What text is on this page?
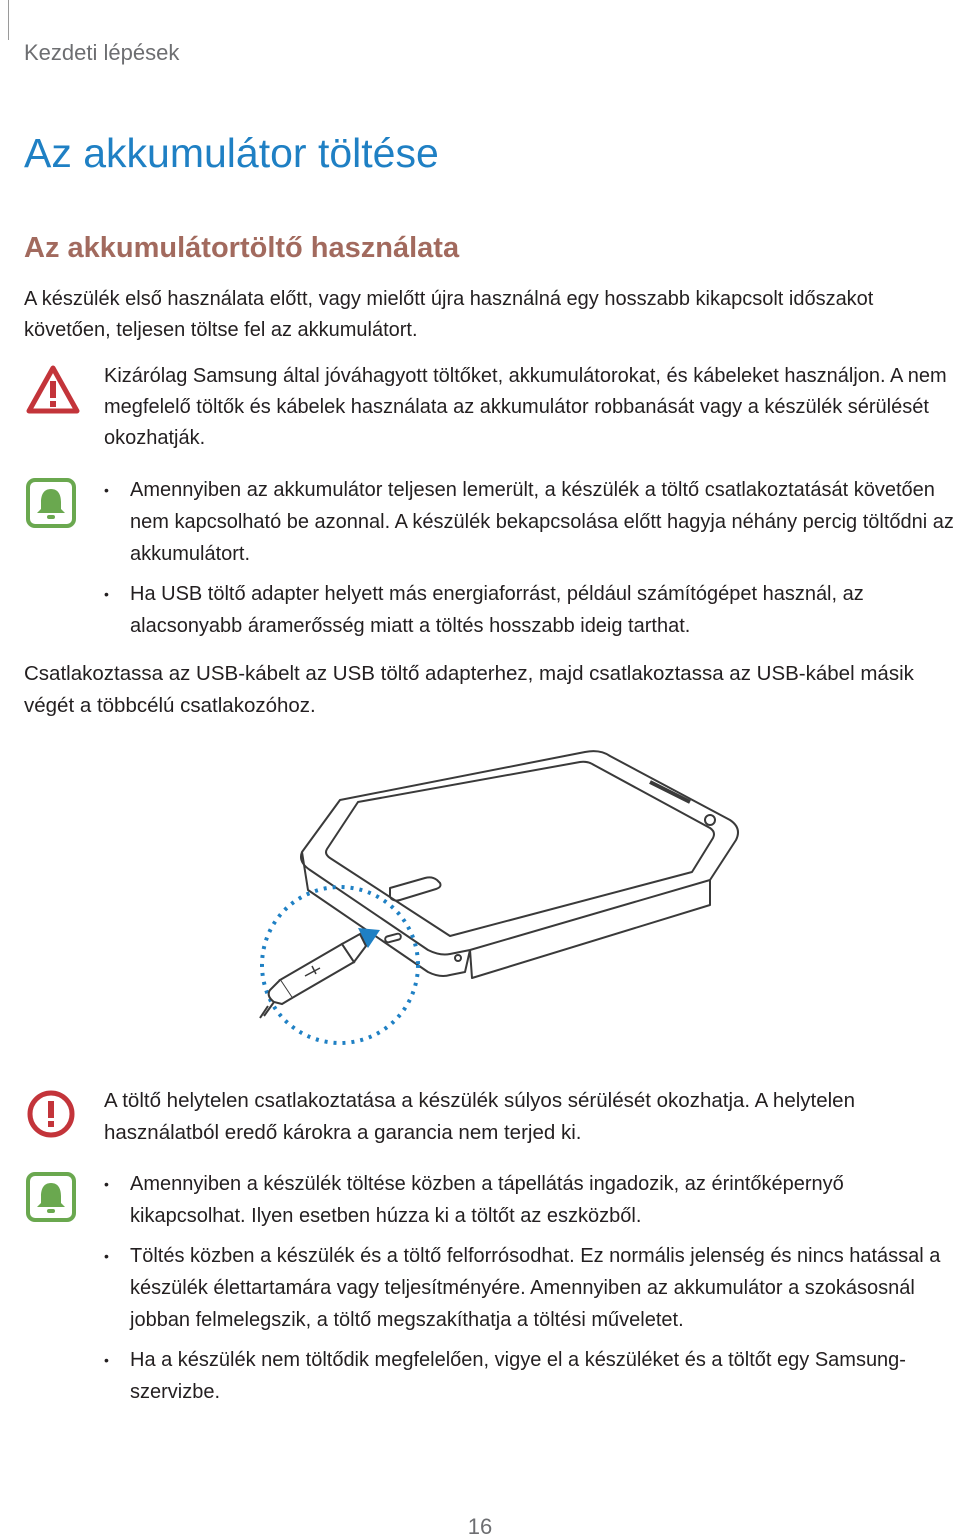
Kezdeti lépések
Az akkumulátor töltése
Az akkumulátortöltő használata
A készülék első használata előtt, vagy mielőtt újra használná egy hosszabb kikapcsolt időszakot követően, teljesen töltse fel az akkumulátort.
Kizárólag Samsung által jóváhagyott töltőket, akkumulátorokat, és kábeleket használjon. A nem megfelelő töltők és kábelek használata az akkumulátor robbanását vagy a készülék sérülését okozhatják.
• Amennyiben az akkumulátor teljesen lemerült, a készülék a töltő csatlakoztatását követően nem kapcsolható be azonnal. A készülék bekapcsolása előtt hagyja néhány percig töltődni az akkumulátort.
• Ha USB töltő adapter helyett más energiaforrást, például számítógépet használ, az alacsonyabb áramerősség miatt a töltés hosszabb ideig tarthat.
Csatlakoztassa az USB-kábelt az USB töltő adapterhez, majd csatlakoztassa az USB-kábel másik végét a többcélú csatlakozóhoz.
A töltő helytelen csatlakoztatása a készülék súlyos sérülését okozhatja. A helytelen használatból eredő károkra a garancia nem terjed ki.
• Amennyiben a készülék töltése közben a tápellátás ingadozik, az érintőképernyő kikapcsolhat. Ilyen esetben húzza ki a töltőt az eszközből.
• Töltés közben a készülék és a töltő felforrósodhat. Ez normális jelenség és nincs hatással a készülék élettartamára vagy teljesítményére. Amennyiben az akkumulátor a szokásosnál jobban felmelegszik, a töltő megszakíthatja a töltési műveletet.
• Ha a készülék nem töltődik megfelelően, vigye el a készüléket és a töltőt egy Samsung-szervizbe.
16
